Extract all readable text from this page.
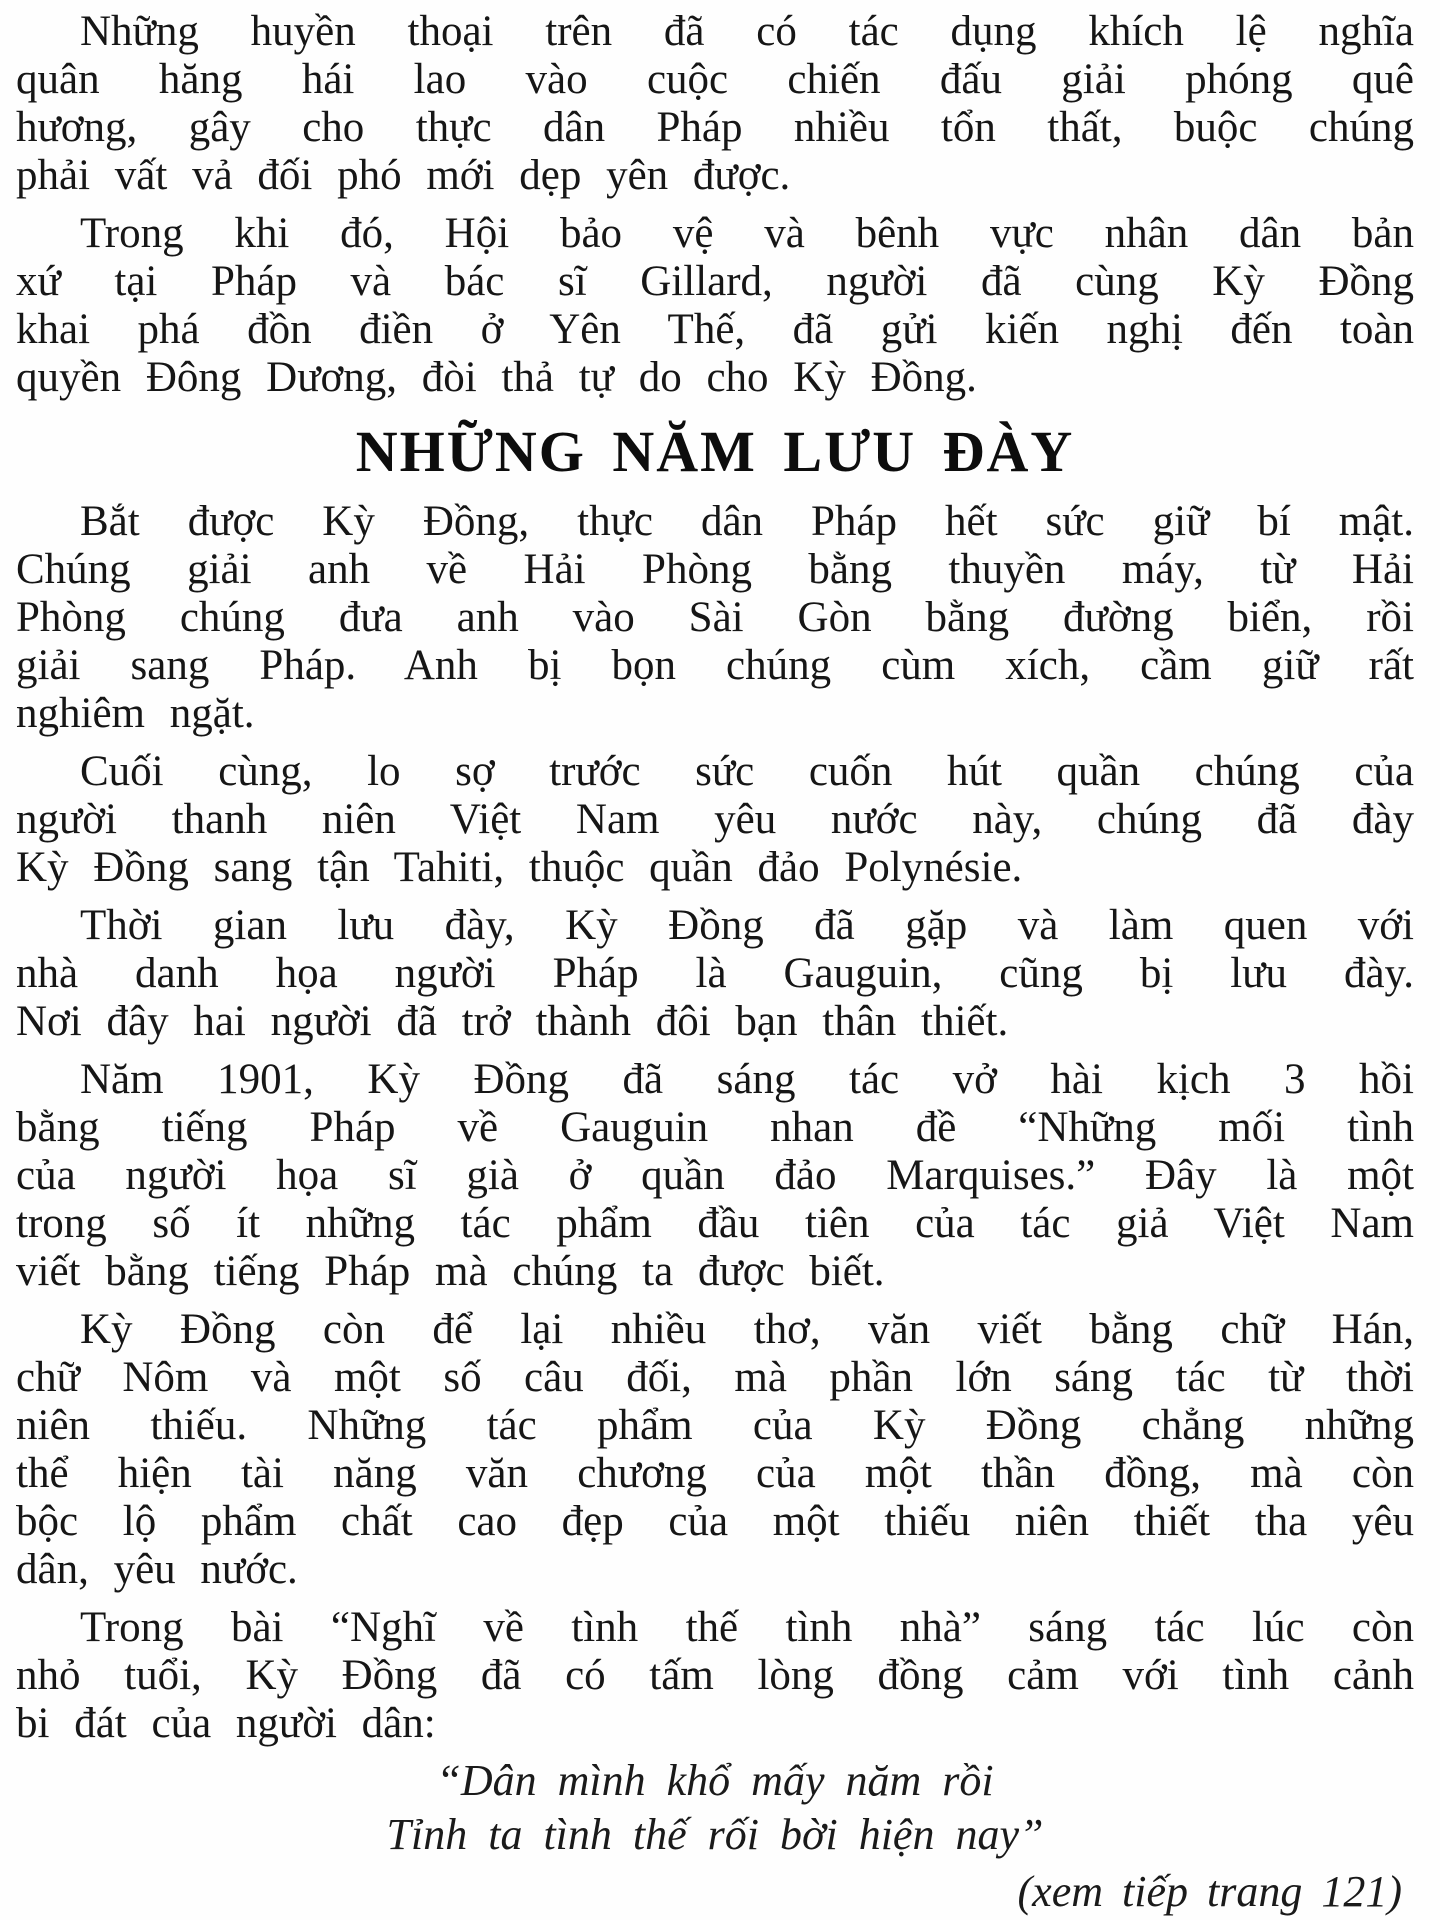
Những huyền thoại trên đã có tác dụng khích lệ nghĩa
quân hăng hái lao vào cuộc chiến đấu giải phóng quê
hương, gây cho thực dân Pháp nhiều tổn thất, buộc chúng
phải vất vả đối phó mới dẹp yên được.
Trong khi đó, Hội bảo vệ và bênh vực nhân dân bản
xứ tại Pháp và bác sĩ Gillard, người đã cùng Kỳ Đồng
khai phá đồn điền ở Yên Thế, đã gửi kiến nghị đến toàn
quyền Đông Dương, đòi thả tự do cho Kỳ Đồng.
NHỮNG NĂM LƯU ĐÀY
Bắt được Kỳ Đồng, thực dân Pháp hết sức giữ bí mật.
Chúng giải anh về Hải Phòng bằng thuyền máy, từ Hải
Phòng chúng đưa anh vào Sài Gòn bằng đường biển, rồi
giải sang Pháp. Anh bị bọn chúng cùm xích, cầm giữ rất
nghiêm ngặt.
Cuối cùng, lo sợ trước sức cuốn hút quần chúng của
người thanh niên Việt Nam yêu nước này, chúng đã đày
Kỳ Đồng sang tận Tahiti, thuộc quần đảo Polynésie.
Thời gian lưu đày, Kỳ Đồng đã gặp và làm quen với
nhà danh họa người Pháp là Gauguin, cũng bị lưu đày.
Nơi đây hai người đã trở thành đôi bạn thân thiết.
Năm 1901, Kỳ Đồng đã sáng tác vở hài kịch 3 hồi
bằng tiếng Pháp về Gauguin nhan đề “Những mối tình
của người họa sĩ già ở quần đảo Marquises.” Đây là một
trong số ít những tác phẩm đầu tiên của tác giả Việt Nam
viết bằng tiếng Pháp mà chúng ta được biết.
Kỳ Đồng còn để lại nhiều thơ, văn viết bằng chữ Hán,
chữ Nôm và một số câu đối, mà phần lớn sáng tác từ thời
niên thiếu. Những tác phẩm của Kỳ Đồng chẳng những
thể hiện tài năng văn chương của một thần đồng, mà còn
bộc lộ phẩm chất cao đẹp của một thiếu niên thiết tha yêu
dân, yêu nước.
Trong bài “Nghĩ về tình thế tình nhà” sáng tác lúc còn
nhỏ tuổi, Kỳ Đồng đã có tấm lòng đồng cảm với tình cảnh
bi đát của người dân:
“Dân mình khổ mấy năm rồi
Tỉnh ta tình thế rối bời hiện nay”
(xem tiếp trang 121)
